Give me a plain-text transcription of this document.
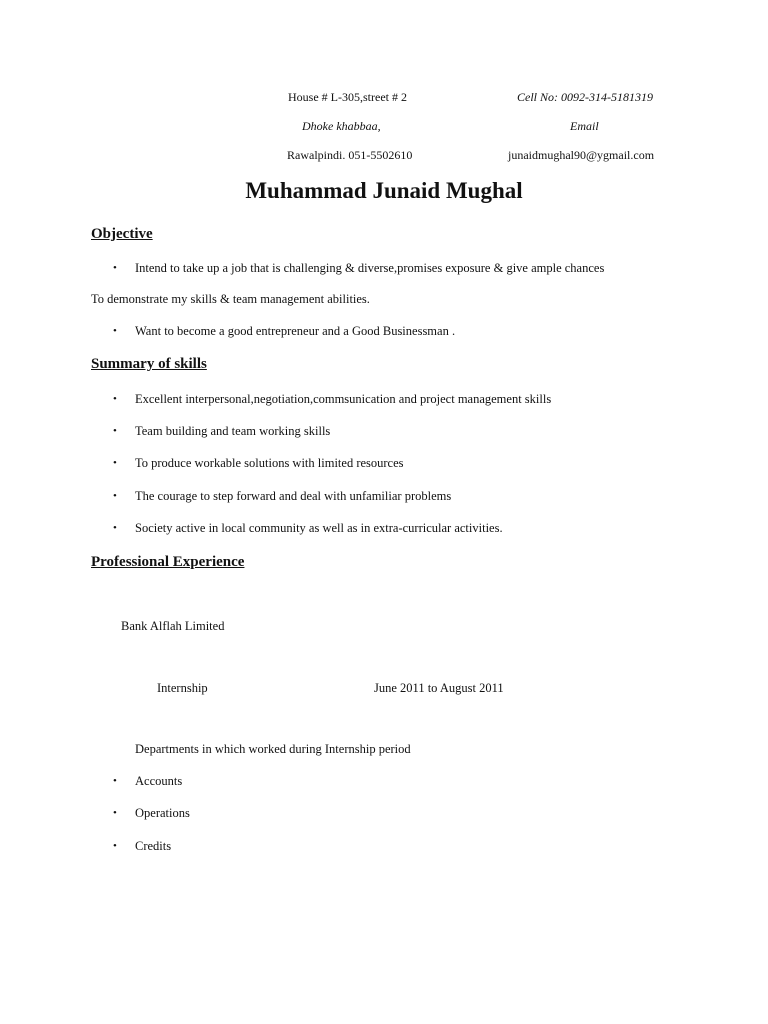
House # L-305,street # 2
Dhoke khabbaa,
Rawalpindi. 051-5502610
Cell No: 0092-314-5181319
Email
junaidmughal90@ygmail.com
Muhammad Junaid Mughal
Objective
• Intend to take up a job that is challenging & diverse,promises exposure & give ample chances
To demonstrate my skills & team management abilities.
• Want to become a good entrepreneur and a Good Businessman .
Summary of skills
• Excellent interpersonal,negotiation,commsunication and project management skills
• Team building and team working skills
• To produce workable solutions with limited resources
• The courage to step forward and deal with unfamiliar problems
• Society active in local community as well as in extra-curricular activities.
Professional Experience
Bank Alflah Limited
Internship	June 2011 to August 2011
Departments in which worked during Internship period
• Accounts
• Operations
• Credits
